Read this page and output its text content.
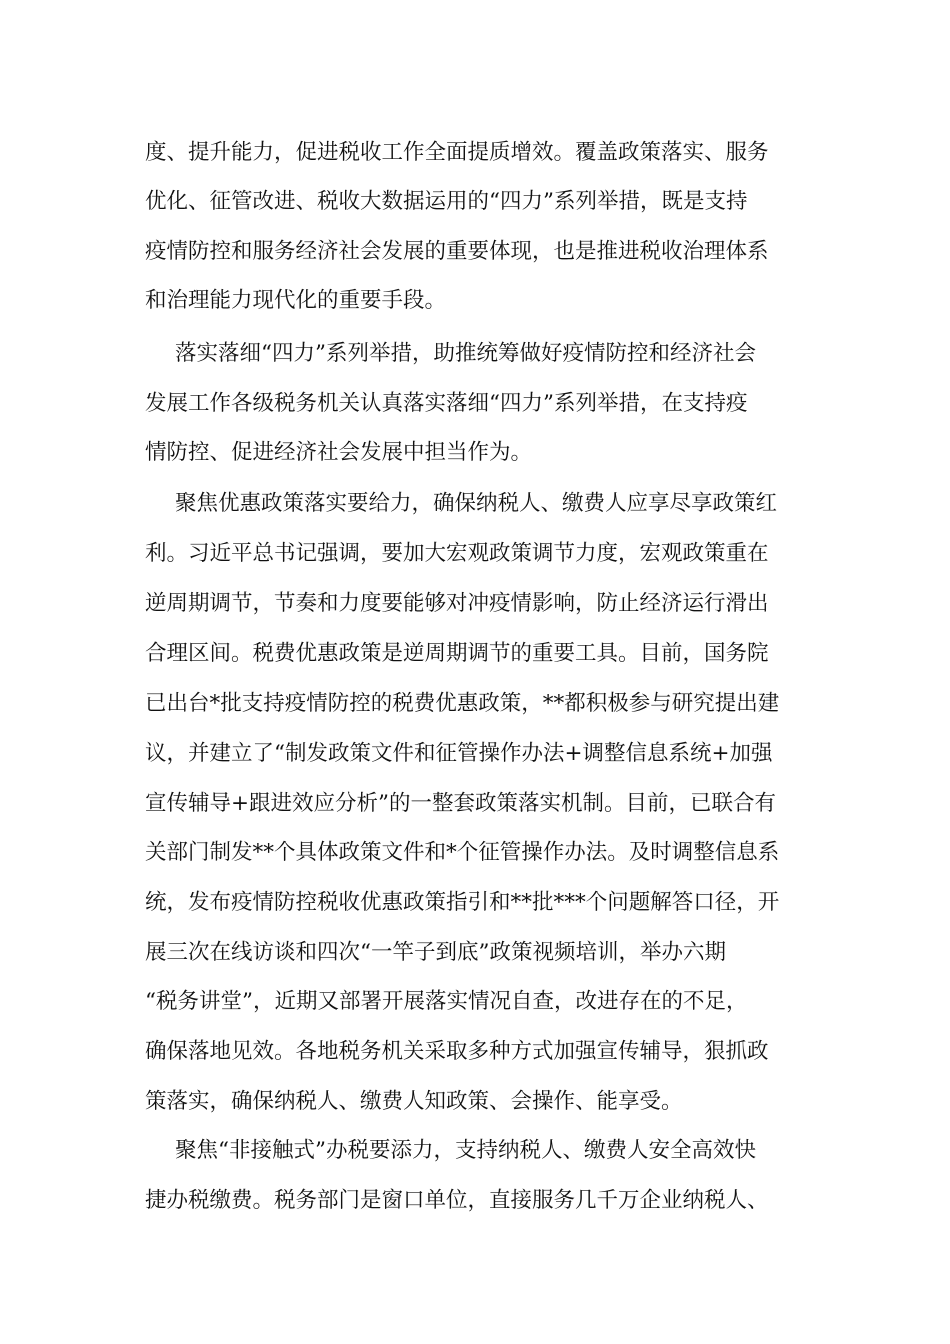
度、提升能力，促进税收工作全面提质增效。覆盖政策落实、服务

优化、征管改进、税收大数据运用的“四力”系列举措，既是支持

疫情防控和服务经济社会发展的重要体现，也是推进税收治理体系

和治理能力现代化的重要手段。

落实落细“四力”系列举措，助推统筹做好疫情防控和经济社会

发展工作各级税务机关认真落实落细“四力”系列举措，在支持疫

情防控、促进经济社会发展中担当作为。

聚焦优惠政策落实要给力，确保纳税人、缴费人应享尽享政策红

利。习近平总书记强调，要加大宏观政策调节力度，宏观政策重在

逆周期调节，节奏和力度要能够对冲疫情影响，防止经济运行滑出

合理区间。税费优惠政策是逆周期调节的重要工具。目前，国务院

已出台*批支持疫情防控的税费优惠政策，**都积极参与研究提出建

议，并建立了“制发政策文件和征管操作办法+调整信息系统+加强

宣传辅导+跟进效应分析”的一整套政策落实机制。目前，已联合有

关部门制发**个具体政策文件和*个征管操作办法。及时调整信息系

统，发布疫情防控税收优惠政策指引和**批***个问题解答口径，开

展三次在线访谈和四次“一竿子到底”政策视频培训，举办六期

“税务讲堂”，近期又部署开展落实情况自查，改进存在的不足，

确保落地见效。各地税务机关采取多种方式加强宣传辅导，狠抓政

策落实，确保纳税人、缴费人知政策、会操作、能享受。

聚焦“非接触式”办税要添力，支持纳税人、缴费人安全高效快

捷办税缴费。税务部门是窗口单位，直接服务几千万企业纳税人、
